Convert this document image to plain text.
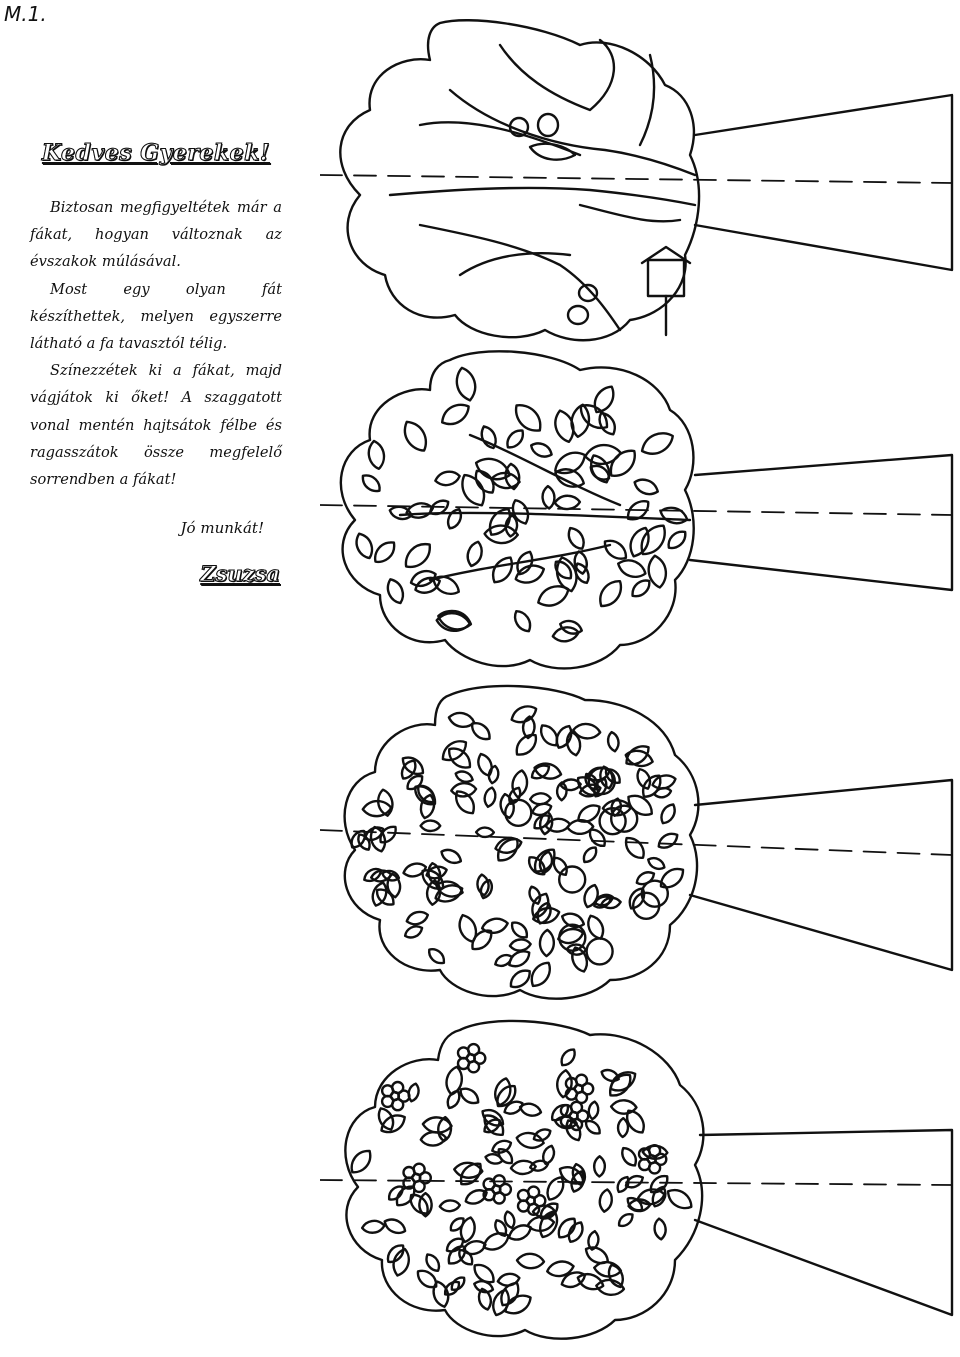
M.1.
Kedves Gyerekek!

Biztosan megfigyeltétek már a fákat, hogyan változnak az évszakok múlásával.

Most egy olyan fát készíthettek, melyen egyszerre látható a fa tavasztól télig.

Színezzétek ki a fákat, majd vágjátok ki őket! A szaggatott vonal mentén hajtsátok félbe és ragasszátok össze megfelelő sorrendben a fákat!

Jó munkát!
Zsuzsa
